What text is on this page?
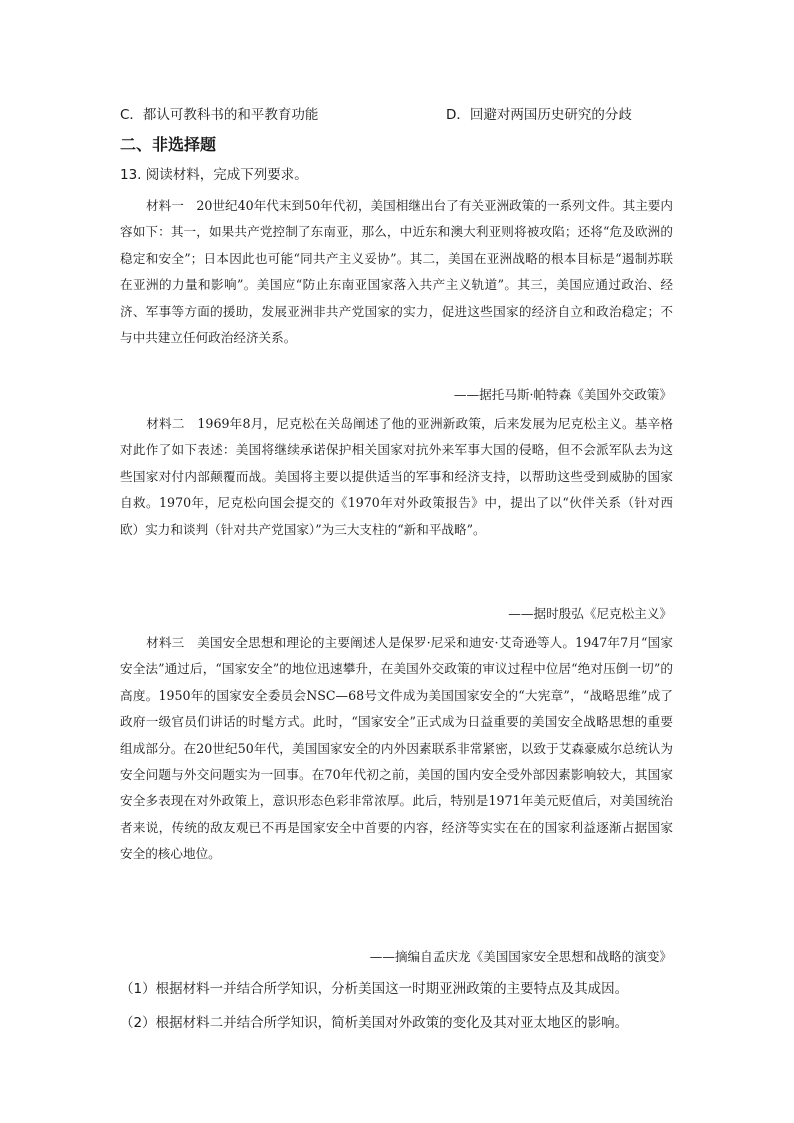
C．都认可教科书的和平教育功能	D．回避对两国历史研究的分歧
二、非选择题
13. 阅读材料，完成下列要求。
材料一　20世纪40年代末到50年代初，美国相继出台了有关亚洲政策的一系列文件。其主要内容如下：其一，如果共产党控制了东南亚，那么，中近东和澳大利亚则将被攻陷；还将“危及欧洲的稳定和安全”；日本因此也可能“同共产主义妥协”。其二，美国在亚洲战略的根本目标是“遏制苏联在亚洲的力量和影响”。美国应“防止东南亚国家落入共产主义轨道”。其三，美国应通过政治、经济、军事等方面的援助，发展亚洲非共产党国家的实力，促进这些国家的经济自立和政治稳定；不与中共建立任何政治经济关系。
——据托马斯·帕特森《美国外交政策》
材料二　1969年8月，尼克松在关岛阐述了他的亚洲新政策，后来发展为尼克松主义。基辛格对此作了如下表述：美国将继续承诺保护相关国家对抗外来军事大国的侵略，但不会派军队去为这些国家对付内部颠覆而战。美国将主要以提供适当的军事和经济支持，以帮助这些受到威胁的国家自救。1970年，尼克松向国会提交的《1970年对外政策报告》中，提出了以“伙伴关系（针对西欧）实力和谈判（针对共产党国家）”为三大支柱的“新和平战略”。
——据时殷弘《尼克松主义》
材料三　美国安全思想和理论的主要阐述人是保罗·尼采和迪安·艾奇逊等人。1947年7月“国家安全法”通过后，“国家安全”的地位迅速攀升，在美国外交政策的审议过程中位居“绝对压倒一切”的高度。1950年的国家安全委员会NSC—68号文件成为美国国家安全的“大宪章”，“战略思维”成了政府一级官员们讲话的时髦方式。此时，“国家安全”正式成为日益重要的美国安全战略思想的重要组成部分。在20世纪50年代，美国国家安全的内外因素联系非常紧密，以致于艾森豪威尔总统认为安全问题与外交问题实为一回事。在70年代初之前，美国的国内安全受外部因素影响较大，其国家安全多表现在对外政策上，意识形态色彩非常浓厚。此后，特别是1971年美元贬值后，对美国统治者来说，传统的敌友观已不再是国家安全中首要的内容，经济等实实在在的国家利益逐渐占据国家安全的核心地位。
——摘编自孟庆龙《美国国家安全思想和战略的演变》
（1）根据材料一并结合所学知识，分析美国这一时期亚洲政策的主要特点及其成因。
（2）根据材料二并结合所学知识，简析美国对外政策的变化及其对亚太地区的影响。
